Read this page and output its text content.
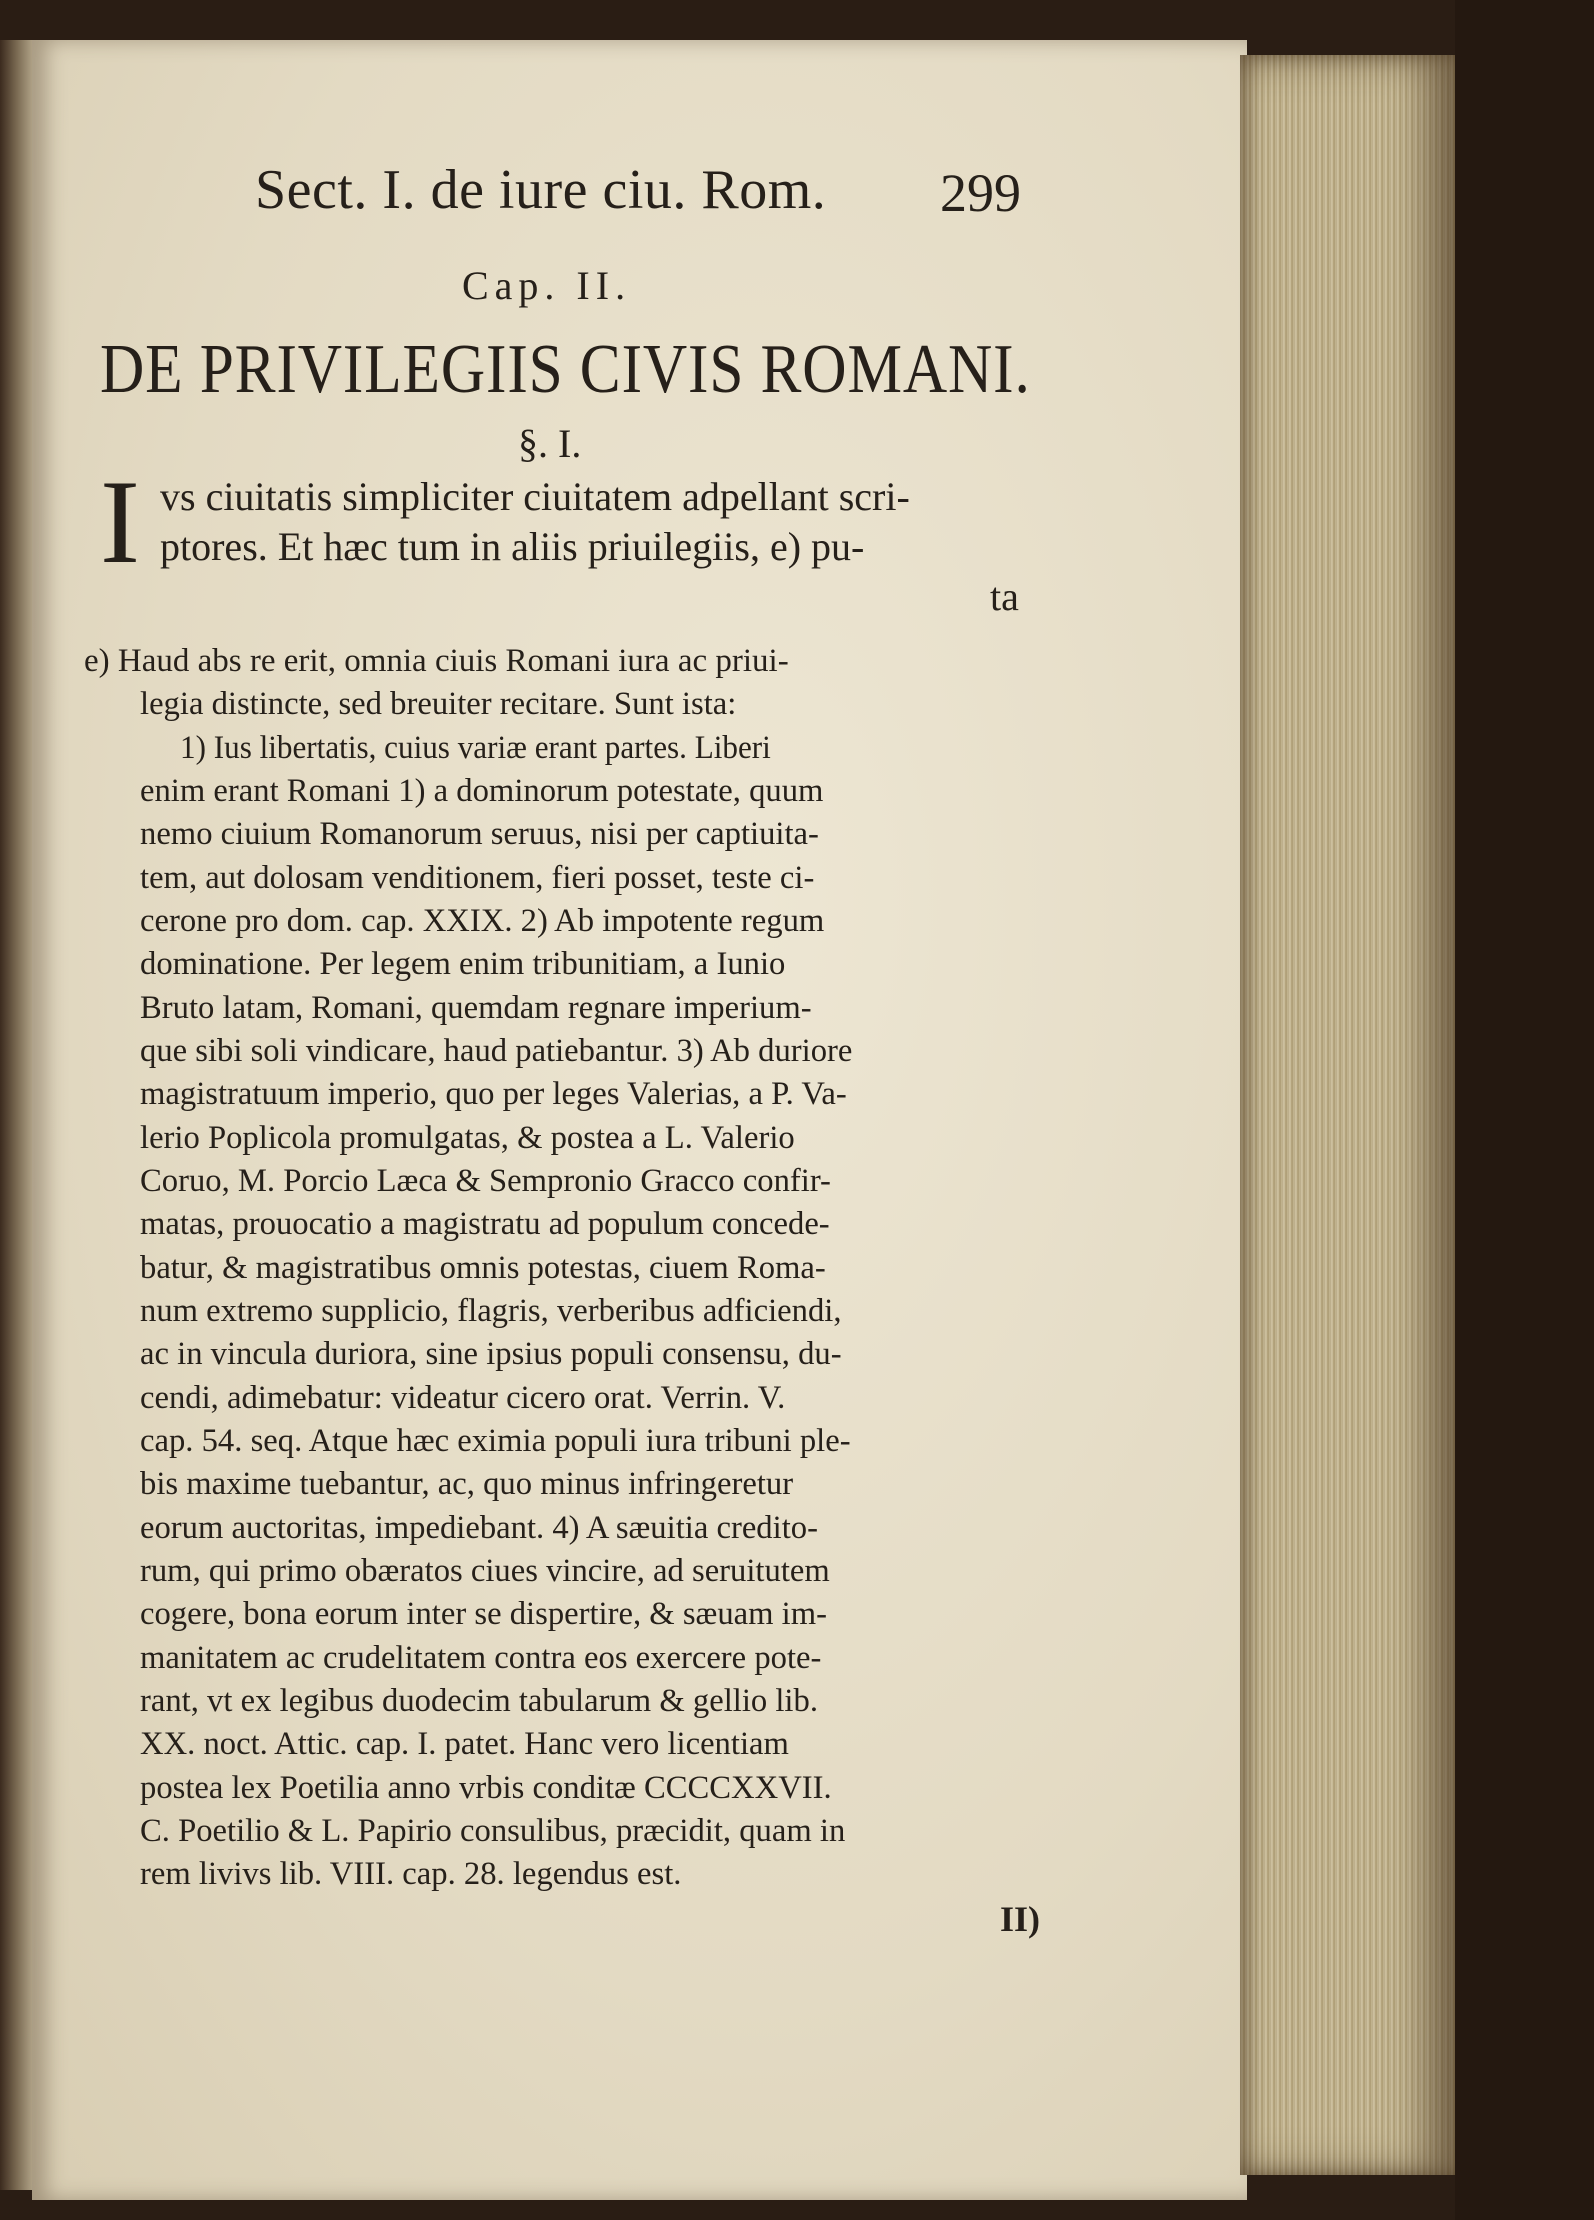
Sect. I. de iure ciu. Rom. 299
Cap. II.
DE PRIVILEGIIS CIVIS ROMANI.
§. I.
I vs ciuitatis simpliciter ciuitatem adpellant scri-
ptores. Et hæc tum in aliis priuilegiis, e) pu-
ta
e) Haud abs re erit, omnia ciuis Romani iura ac priui-
legia distincte, sed breuiter recitare. Sunt ista:
1) Ius libertatis, cuius variæ erant partes. Liberi
enim erant Romani 1) a dominorum potestate, quum
nemo ciuium Romanorum seruus, nisi per captiuita-
tem, aut dolosam venditionem, fieri posset, teste ci-
cerone pro dom. cap. XXIX. 2) Ab impotente regum
dominatione. Per legem enim tribunitiam, a Iunio
Bruto latam, Romani, quemdam regnare imperium-
que sibi soli vindicare, haud patiebantur. 3) Ab duriore
magistratuum imperio, quo per leges Valerias, a P. Va-
lerio Poplicola promulgatas, & postea a L. Valerio
Coruo, M. Porcio Læca & Sempronio Gracco confir-
matas, prouocatio a magistratu ad populum concede-
batur, & magistratibus omnis potestas, ciuem Roma-
num extremo supplicio, flagris, verberibus adficiendi,
ac in vincula duriora, sine ipsius populi consensu, du-
cendi, adimebatur: videatur cicero orat. Verrin. V.
cap. 54. seq. Atque hæc eximia populi iura tribuni ple-
bis maxime tuebantur, ac, quo minus infringeretur
eorum auctoritas, impediebant. 4) A sæuitia credito-
rum, qui primo obæratos ciues vincire, ad seruitutem
cogere, bona eorum inter se dispertire, & sæuam im-
manitatem ac crudelitatem contra eos exercere pote-
rant, vt ex legibus duodecim tabularum & gellio lib.
XX. noct. Attic. cap. I. patet. Hanc vero licentiam
postea lex Poetilia anno vrbis conditæ CCCCXXVII.
C. Poetilio & L. Papirio consulibus, præcidit, quam in
rem livivs lib. VIII. cap. 28. legendus est.
II)
